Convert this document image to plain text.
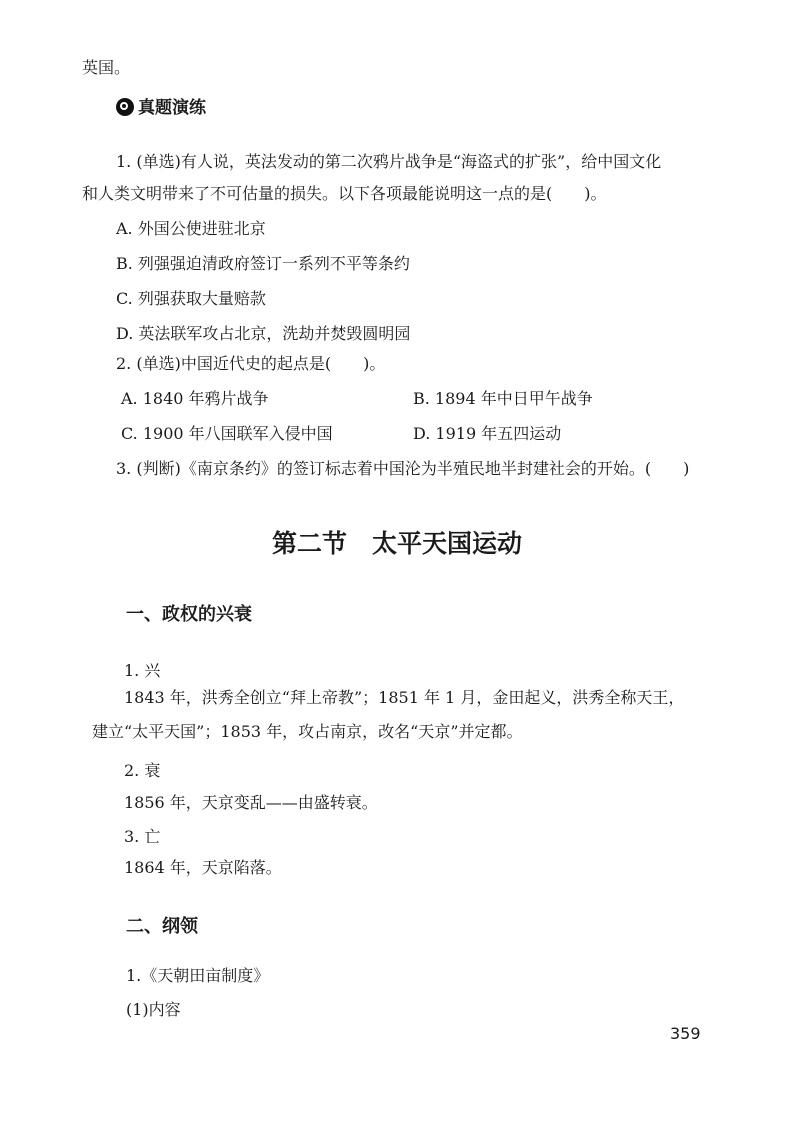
英国。
真题演练
1. (单选)有人说，英法发动的第二次鸦片战争是“海盗式的扩张”，给中国文化
和人类文明带来了不可估量的损失。以下各项最能说明这一点的是(　　)。
A. 外国公使进驻北京
B. 列强强迫清政府签订一系列不平等条约
C. 列强获取大量赔款
D. 英法联军攻占北京，洗劫并焚毁圆明园
2. (单选)中国近代史的起点是(　　)。
A. 1840 年鸦片战争	B. 1894 年中日甲午战争
C. 1900 年八国联军入侵中国	D. 1919 年五四运动
3. (判断)《南京条约》的签订标志着中国沦为半殖民地半封建社会的开始。(　　)
第二节　太平天国运动
一、政权的兴衰
1. 兴
1843 年，洪秀全创立“拜上帝教”；1851 年 1 月，金田起义，洪秀全称天王，
建立“太平天国”；1853 年，攻占南京，改名“天京”并定都。
2. 衰
1856 年，天京变乱——由盛转衰。
3. 亡
1864 年，天京陷落。
二、纲领
1.《天朝田亩制度》
(1)内容
359
